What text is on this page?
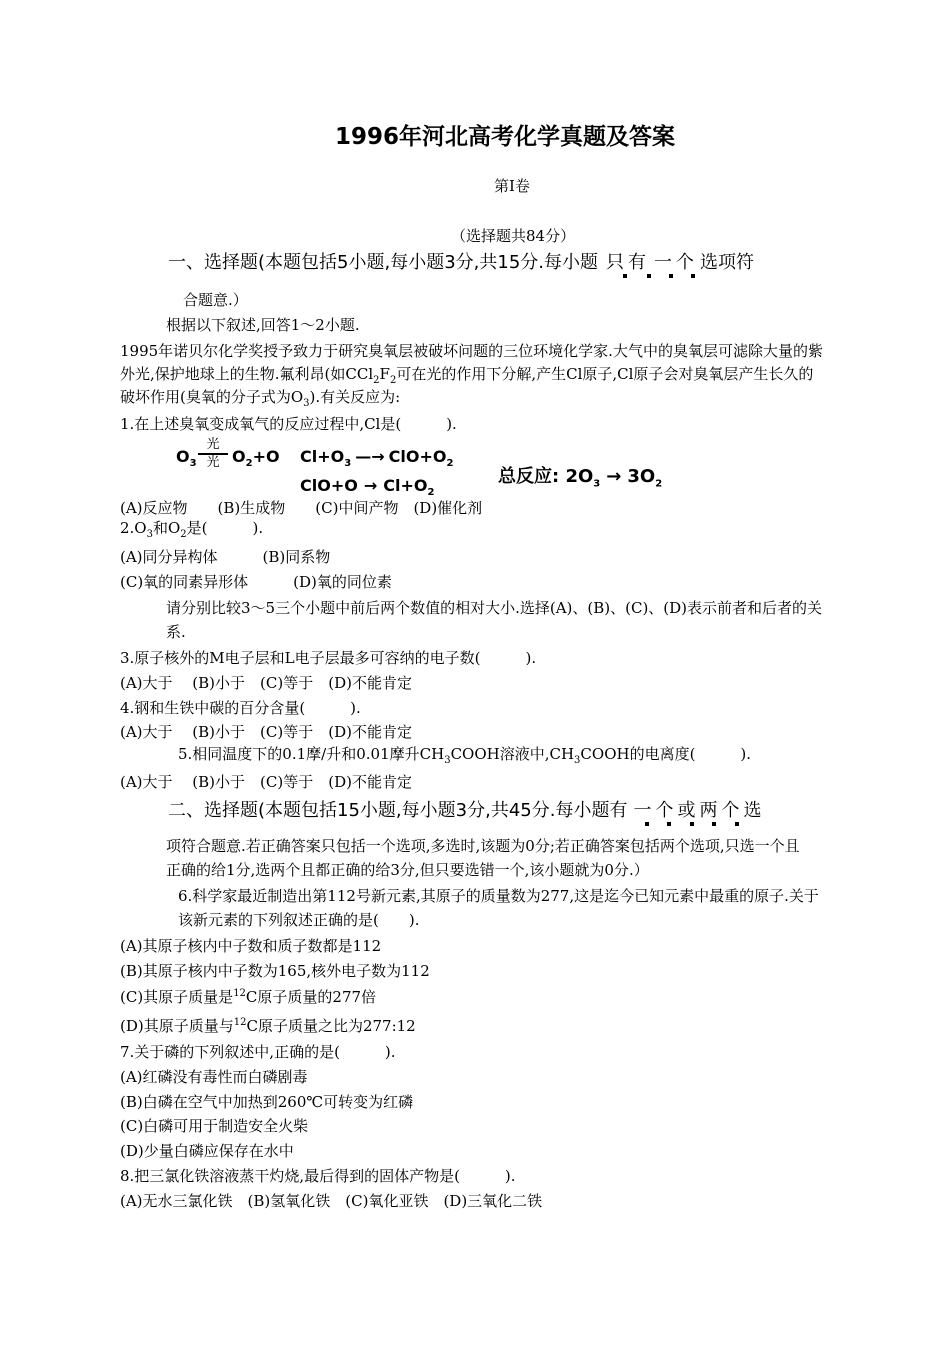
1996年河北高考化学真题及答案
第I卷
（选择题共84分）
一、选择题(本题包括5小题,每小题3分,共15分.每小题 只 有 一 个 选项符
合题意.）
根据以下叙述,回答1～2小题.
1995年诺贝尔化学奖授予致力于研究臭氧层被破坏问题的三位环境化学家.大气中的臭氧层可滤除大量的紫
外光,保护地球上的生物.氟利昂(如$CCl_2F_2$可在光的作用下分解,产生Cl原子,Cl原子会对臭氧层产生长久的
破坏作用(臭氧的分子式为$O_3$).有关反应为:
1.在上述臭氧变成氧气的反应过程中,Cl是(　　　).
$O_3$
光
光 $O_2+O$ $Cl+O_3$ —→ $ClO+O_2$
$ClO+O \to Cl+O_2$
总反应: $2O_3 \to 3O_2$
(A)反应物　　(B)生成物　　(C)中间产物　(D)催化剂
$2.O_3$和$O_2$是(　　　).
(A)同分异构体　　　(B)同系物
(C)氧的同素异形体　　　(D)氧的同位素
请分别比较3～5三个小题中前后两个数值的相对大小.选择(A)、(B)、(C)、(D)表示前者和后者的关
系.
3.原子核外的M电子层和L电子层最多可容纳的电子数(　　　).
(A)大于　 (B)小于　(C)等于　(D)不能肯定
4.钢和生铁中碳的百分含量(　　　).
(A)大于　 (B)小于　(C)等于　(D)不能肯定
5.相同温度下的0.1摩/升和0.01摩升$CH_3COOH$溶液中$,CH_3COOH$的电离度(　　　).
(A)大于　 (B)小于　(C)等于　(D)不能肯定
二、选择题(本题包括15小题,每小题3分,共45分.每小题有 一 个 或 两 个 选
项符合题意.若正确答案只包括一个选项,多选时,该题为0分;若正确答案包括两个选项,只选一个且
正确的给1分,选两个且都正确的给3分,但只要选错一个,该小题就为0分.）
6.科学家最近制造出第112号新元素,其原子的质量数为277,这是迄今已知元素中最重的原子.关于
该新元素的下列叙述正确的是(　　).
(A)其原子核内中子数和质子数都是112
(B)其原子核内中子数为165,核外电子数为112
(C)其原子质量是$^{12}$C原子质量的277倍
(D)其原子质量与$^{12}$C原子质量之比为277:12
7.关于磷的下列叙述中,正确的是(　　　).
(A)红磷没有毒性而白磷剧毒
(B)白磷在空气中加热到260℃可转变为红磷
(C)白磷可用于制造安全火柴
(D)少量白磷应保存在水中
8.把三氯化铁溶液蒸干灼烧,最后得到的固体产物是(　　　).
(A)无水三氯化铁　(B)氢氧化铁　(C)氧化亚铁　(D)三氧化二铁
